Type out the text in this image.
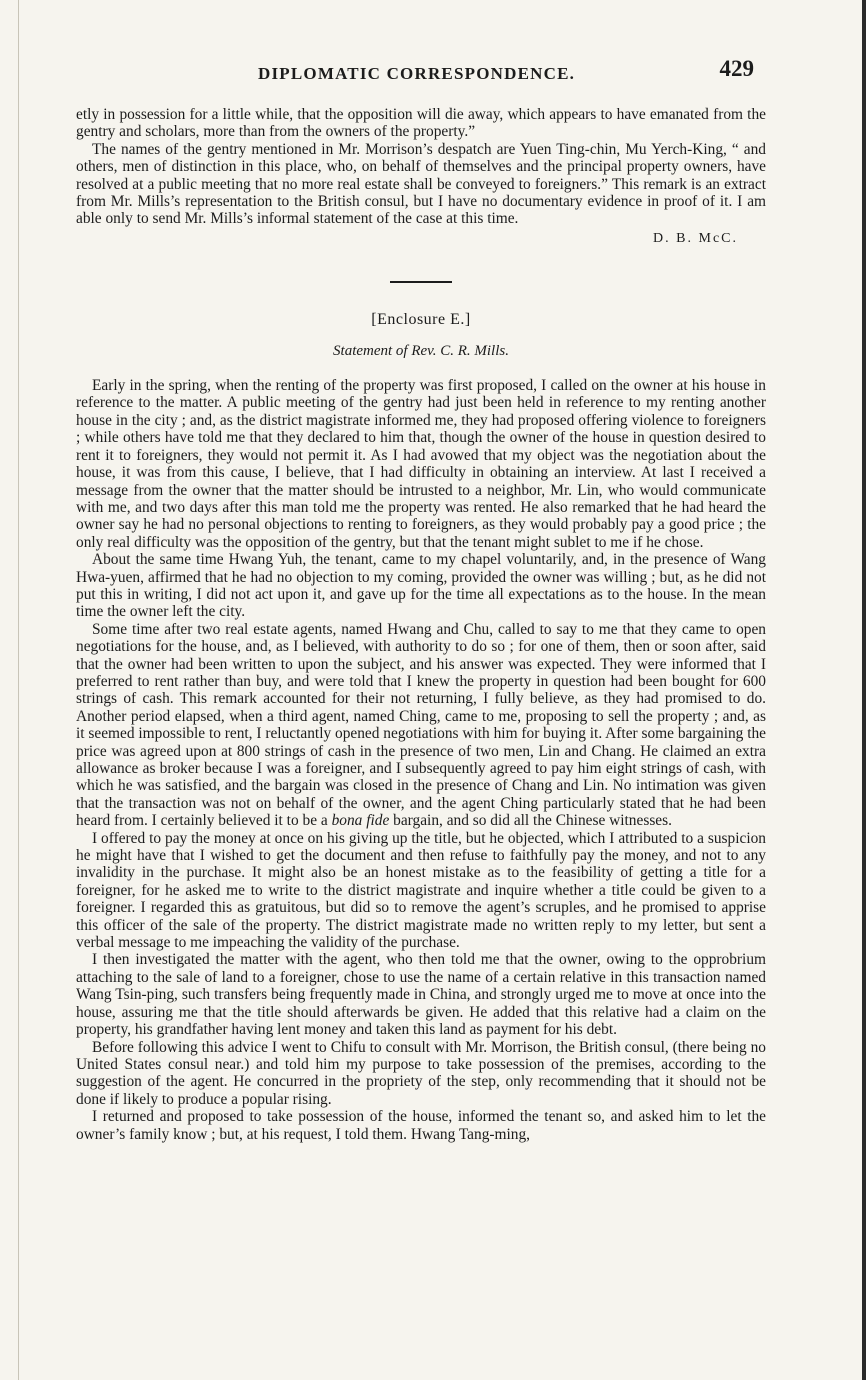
DIPLOMATIC CORRESPONDENCE.	429

etly in possession for a little while, that the opposition will die away, which appears to have emanated from the gentry and scholars, more than from the owners of the property.”

The names of the gentry mentioned in Mr. Morrison’s despatch are Yuen Ting-chin, Mu Yerch-King, “ and others, men of distinction in this place, who, on behalf of themselves and the principal property owners, have resolved at a public meeting that no more real estate shall be conveyed to foreigners.” This remark is an extract from Mr. Mills’s representation to the British consul, but I have no documentary evidence in proof of it. I am able only to send Mr. Mills’s informal statement of the case at this time.

D. B. McC.
[Enclosure E.]
Statement of Rev. C. R. Mills.

Early in the spring, when the renting of the property was first proposed, I called on the owner at his house in reference to the matter. A public meeting of the gentry had just been held in reference to my renting another house in the city ; and, as the district magistrate informed me, they had proposed offering violence to foreigners ; while others have told me that they declared to him that, though the owner of the house in question desired to rent it to foreigners, they would not permit it. As I had avowed that my object was the negotiation about the house, it was from this cause, I believe, that I had difficulty in obtaining an interview. At last I received a message from the owner that the matter should be intrusted to a neighbor, Mr. Lin, who would communicate with me, and two days after this man told me the property was rented. He also remarked that he had heard the owner say he had no personal objections to renting to foreigners, as they would probably pay a good price ; the only real difficulty was the opposition of the gentry, but that the tenant might sublet to me if he chose.

About the same time Hwang Yuh, the tenant, came to my chapel voluntarily, and, in the presence of Wang Hwa-yuen, affirmed that he had no objection to my coming, provided the owner was willing ; but, as he did not put this in writing, I did not act upon it, and gave up for the time all expectations as to the house. In the mean time the owner left the city.

Some time after two real estate agents, named Hwang and Chu, called to say to me that they came to open negotiations for the house, and, as I believed, with authority to do so ; for one of them, then or soon after, said that the owner had been written to upon the subject, and his answer was expected. They were informed that I preferred to rent rather than buy, and were told that I knew the property in question had been bought for 600 strings of cash. This remark accounted for their not returning, I fully believe, as they had promised to do. Another period elapsed, when a third agent, named Ching, came to me, proposing to sell the property ; and, as it seemed impossible to rent, I reluctantly opened negotiations with him for buying it. After some bargaining the price was agreed upon at 800 strings of cash in the presence of two men, Lin and Chang. He claimed an extra allowance as broker because I was a foreigner, and I subsequently agreed to pay him eight strings of cash, with which he was satisfied, and the bargain was closed in the presence of Chang and Lin. No intimation was given that the transaction was not on behalf of the owner, and the agent Ching particularly stated that he had been heard from. I certainly believed it to be a bona fide bargain, and so did all the Chinese witnesses.

I offered to pay the money at once on his giving up the title, but he objected, which I attributed to a suspicion he might have that I wished to get the document and then refuse to faithfully pay the money, and not to any invalidity in the purchase. It might also be an honest mistake as to the feasibility of getting a title for a foreigner, for he asked me to write to the district magistrate and inquire whether a title could be given to a foreigner. I regarded this as gratuitous, but did so to remove the agent’s scruples, and he promised to apprise this officer of the sale of the property. The district magistrate made no written reply to my letter, but sent a verbal message to me impeaching the validity of the purchase.

I then investigated the matter with the agent, who then told me that the owner, owing to the opprobrium attaching to the sale of land to a foreigner, chose to use the name of a certain relative in this transaction named Wang Tsin-ping, such transfers being frequently made in China, and strongly urged me to move at once into the house, assuring me that the title should afterwards be given. He added that this relative had a claim on the property, his grandfather having lent money and taken this land as payment for his debt.

Before following this advice I went to Chifu to consult with Mr. Morrison, the British consul, (there being no United States consul near.) and told him my purpose to take possession of the premises, according to the suggestion of the agent. He concurred in the propriety of the step, only recommending that it should not be done if likely to produce a popular rising.

I returned and proposed to take possession of the house, informed the tenant so, and asked him to let the owner’s family know ; but, at his request, I told them. Hwang Tang-ming,
